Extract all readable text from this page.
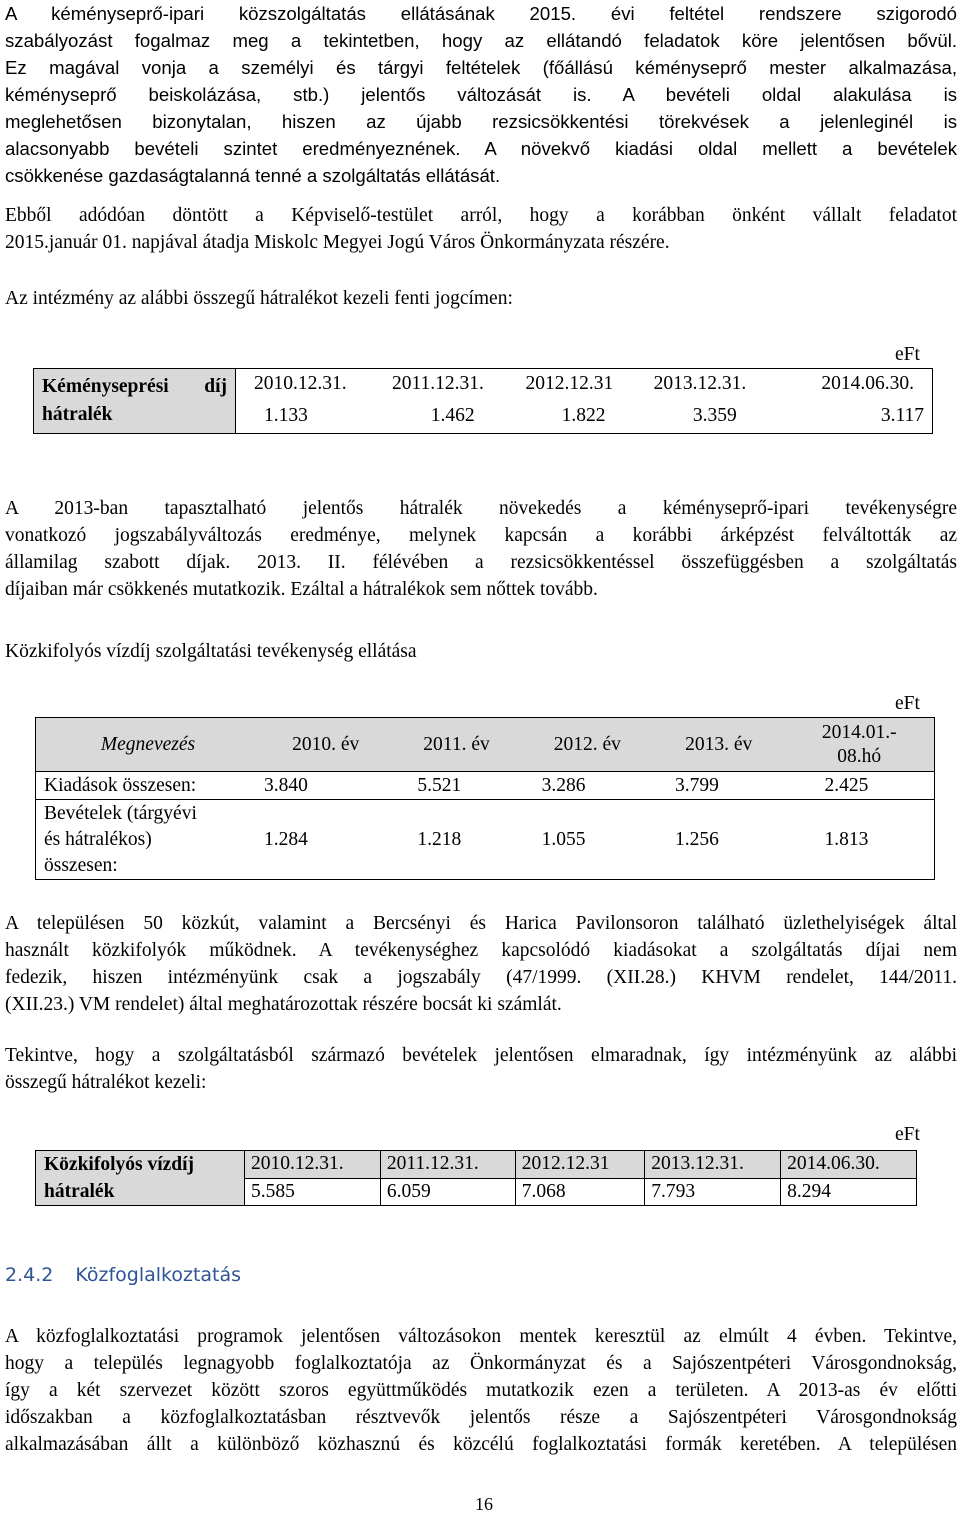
A kéményseprő-ipari közszolgáltatás ellátásának 2015. évi feltétel rendszere szigorodó
szabályozást fogalmaz meg a tekintetben, hogy az ellátandó feladatok köre jelentősen bővül.
Ez magával vonja a személyi és tárgyi feltételek (főállású kéményseprő mester alkalmazása,
kéményseprő beiskolázása, stb.) jelentős változását is. A bevételi oldal alakulása is
meglehetősen bizonytalan, hiszen az újabb rezsicsökkentési törekvések a jelenleginél is
alacsonyabb bevételi szintet eredményeznének. A növekvő kiadási oldal mellett a bevételek
csökkenése gazdaságtalanná tenné a szolgáltatás ellátását.
Ebből adódóan döntött a Képviselő-testület arról, hogy a korábban önként vállalt feladatot
2015.január 01. napjával átadja Miskolc Megyei Jogú Város Önkormányzata részére.
Az intézmény az alábbi összegű hátralékot kezeli fenti jogcímen:
eFt
Kéményseprési díj
hátralék	2010.12.31.	2011.12.31.	2012.12.31	2013.12.31.	2014.06.30.
	1.133	1.462	1.822	3.359	3.117
A 2013-ban tapasztalható jelentős hátralék növekedés a kéményseprő-ipari tevékenységre
vonatkozó jogszabályváltozás eredménye, melynek kapcsán a korábbi árképzést felváltották az
államilag szabott díjak. 2013. II. félévében a rezsicsökkentéssel összefüggésben a szolgáltatás
díjaiban már csökkenés mutatkozik. Ezáltal a hátralékok sem nőttek tovább.
Közkifolyós vízdíj szolgáltatási tevékenység ellátása
eFt
Megnevezés	2010. év	2011. év	2012. év	2013. év	2014.01.-
08.hó

Kiadások összesen:	3.840	5.521	3.286	3.799	2.425

Bevételek (tárgyévi
és hátralékos)
összesen:	1.284	1.218	1.055	1.256	1.813
A településen 50 közkút, valamint a Bercsényi és Harica Pavilonsoron található üzlethelyiségek által
használt közkifolyók működnek. A tevékenységhez kapcsolódó kiadásokat a szolgáltatás díjai nem
fedezik, hiszen intézményünk csak a jogszabály (47/1999. (XII.28.) KHVM rendelet, 144/2011.
(XII.23.) VM rendelet) által meghatározottak részére bocsát ki számlát.
Tekintve, hogy a szolgáltatásból származó bevételek jelentősen elmaradnak, így intézményünk az alábbi
összegű hátralékot kezeli:
eFt
Közkifolyós vízdíj
hátralék	2010.12.31.	2011.12.31.	2012.12.31	2013.12.31.	2014.06.30.
	5.585	6.059	7.068	7.793	8.294
2.4.2 Közfoglalkoztatás
A közfoglalkoztatási programok jelentősen változásokon mentek keresztül az elmúlt 4 évben. Tekintve,
hogy a település legnagyobb foglalkoztatója az Önkormányzat és a Sajószentpéteri Városgondnokság,
így a két szervezet között szoros együttműködés mutatkozik ezen a területen. A 2013-as év előtti
időszakban a közfoglalkoztatásban résztvevők jelentős része a Sajószentpéteri Városgondnokság
alkalmazásában állt a különböző közhasznú és közcélú foglalkoztatási formák keretében. A településen
16
